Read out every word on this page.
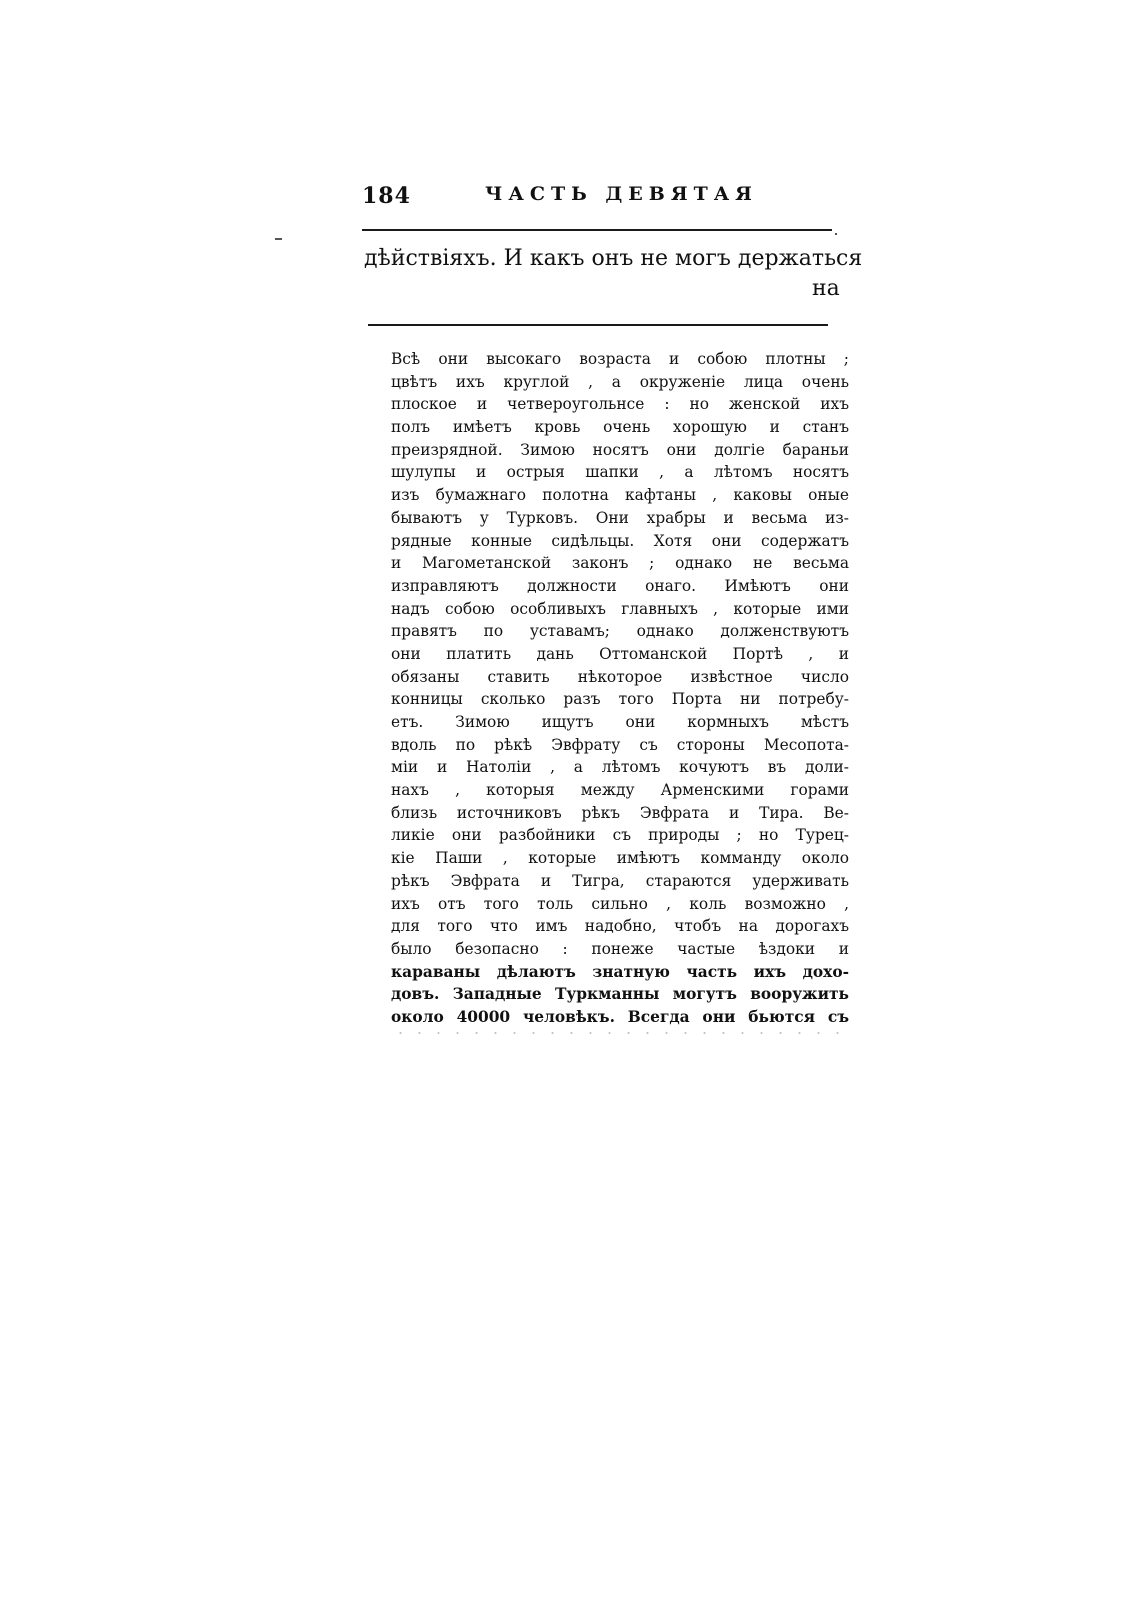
184	ЧАСТЬ ДЕВЯТАЯ
дѣйствіяхъ. И какъ онъ не могъ держаться
на
Всѣ они высокаго возраста и собою плотны ;
цвѣтъ ихъ круглой , а окруженіе лица очень
плоское и четвероугольнсе : но женской ихъ
полъ имѣетъ кровь очень хорошую и станъ
преизрядной. Зимою носятъ они долгіе бараньи
шулупы и острыя шапки , а лѣтомъ носятъ
изъ бумажнаго полотна кафтаны , каковы оные
бываютъ у Турковъ. Они храбры и весьма из-
рядные конные сидѣльцы. Хотя они содержатъ
и Магометанской законъ ; однако не весьма
изправляютъ должности онаго. Имѣютъ они
надъ собою особливыхъ главныхъ , которые ими
правятъ по уставамъ; однако долженствуютъ
они платить дань Оттоманской Портѣ , и
обязаны ставить нѣкоторое извѣстное число
конницы сколько разъ того Порта ни потребу-
етъ. Зимою ищутъ они кормныхъ мѣстъ
вдоль по рѣкѣ Эвфрату съ стороны Месопота-
міи и Натоліи , а лѣтомъ кочуютъ въ доли-
нахъ , которыя между Арменскими горами
близь источниковъ рѣкъ Эвфрата и Тира. Ве-
ликіе они разбойники съ природы ; но Турец-
кіе Паши , которые имѣютъ комманду около
рѣкъ Эвфрата и Тигра, стараются удерживать
ихъ отъ того толь сильно , коль возможно ,
для того что имъ надобно, чтобъ на дорогахъ
было безопасно : понеже частые ѣздоки и
караваны дѣлаютъ знатную часть ихъ дохо-
довъ. Западные Туркманны могутъ вооружить
около 40000 человѣкъ. Всегда они бьются съ
